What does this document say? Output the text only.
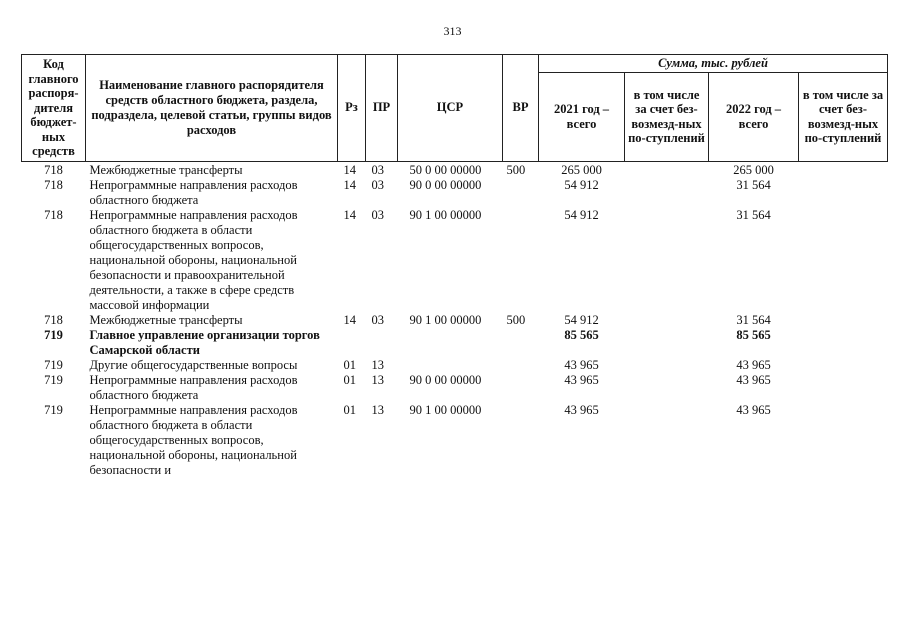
313
Код главного распоря-дителя бюджет-ных средств	Наименование главного распорядителя средств областного бюджета, раздела, подраздела, целевой статьи, группы видов расходов	Рз	ПР	ЦСР	ВР	Сумма, тыс. рублей			
						2021 год – всего	в том числе за счет без-возмезд-ных по-ступлений	2022 год – всего	в том числе за счет без-возмезд-ных по-ступлений
718	Межбюджетные трансферты	14	03	50 0 00 00000	500	265 000		265 000	
718	Непрограммные направления расходов областного бюджета	14	03	90 0 00 00000		54 912		31 564	
718	Непрограммные направления расходов областного бюджета в области общегосударственных вопросов, национальной обороны, национальной безопасности и правоохранительной деятельности, а также в сфере средств массовой информации	14	03	90 1 00 00000		54 912		31 564	
718	Межбюджетные трансферты	14	03	90 1 00 00000	500	54 912		31 564	
719	Главное управление организации торгов Самарской области					85 565		85 565	
719	Другие общегосударственные вопросы	01	13			43 965		43 965	
719	Непрограммные направления расходов областного бюджета	01	13	90 0 00 00000		43 965		43 965	
719	Непрограммные направления расходов областного бюджета в области общегосударственных вопросов, национальной обороны, национальной безопасности и	01	13	90 1 00 00000		43 965		43 965	
